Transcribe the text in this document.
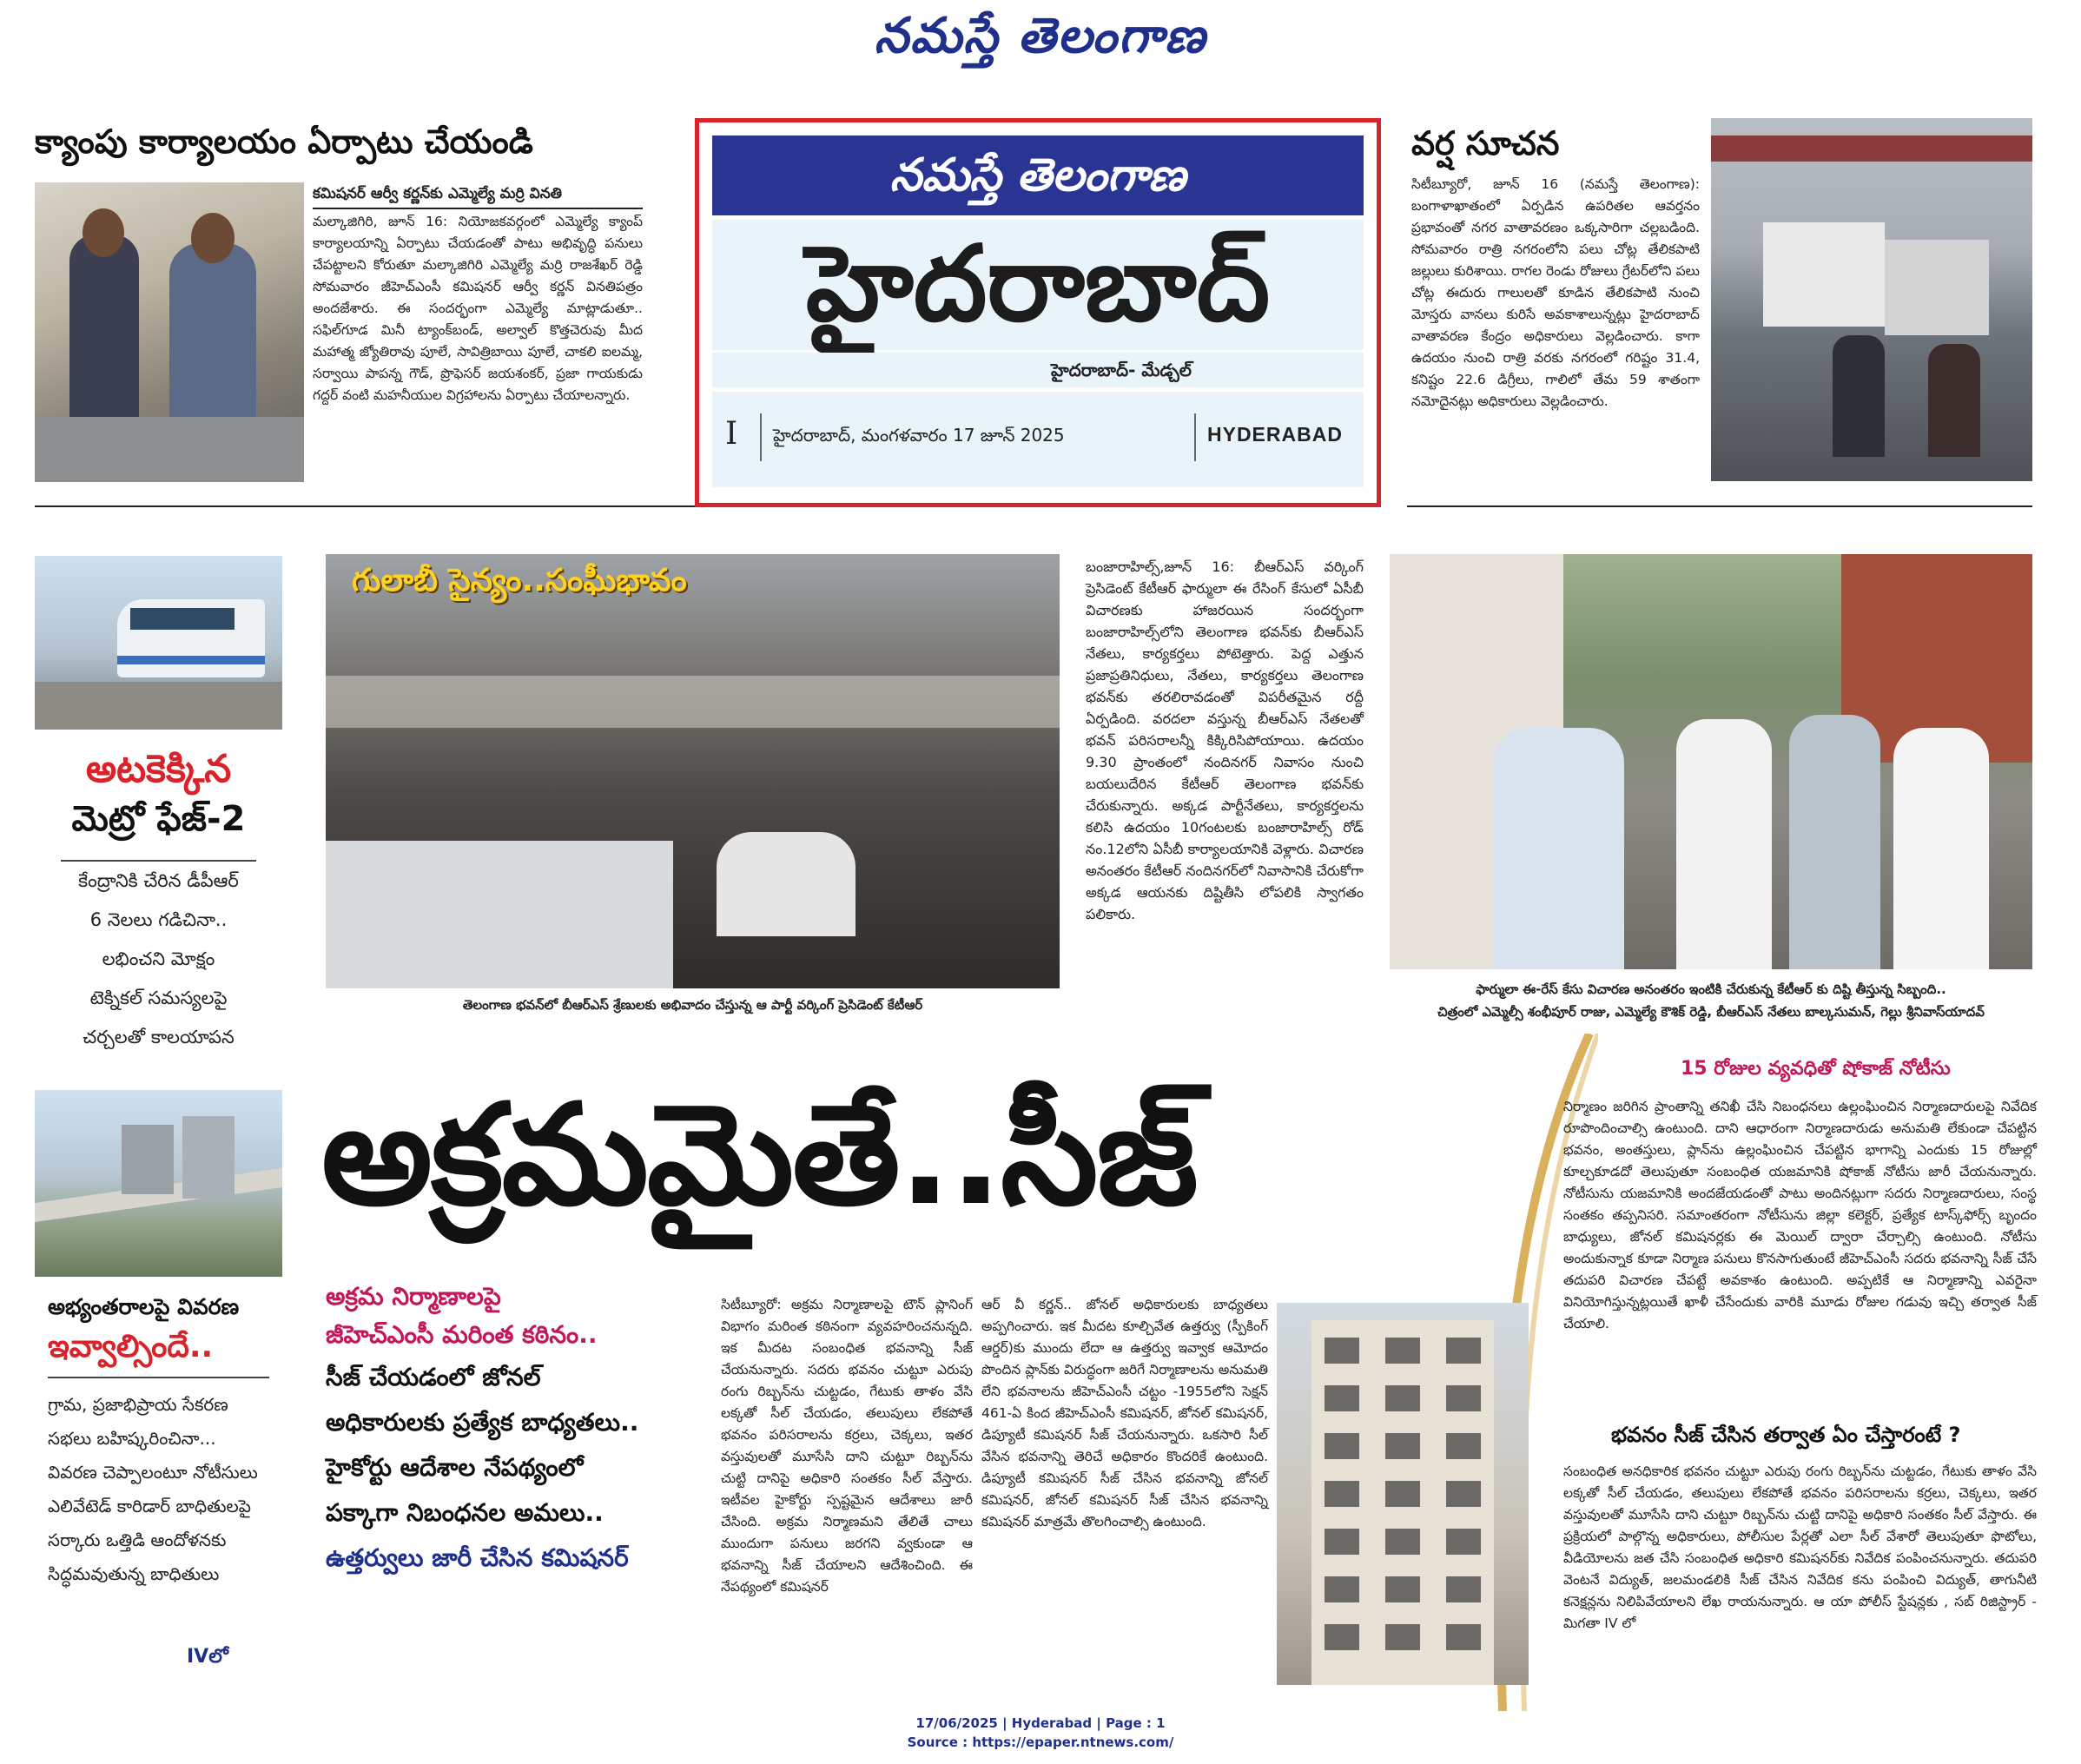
నమస్తే తెలంగాణ
క్యాంపు కార్యాలయం ఏర్పాటు చేయండి
కమిషనర్ ఆర్వీ కర్ణన్‌కు ఎమ్మెల్యే మర్రి వినతి
మల్కాజిగిరి, జూన్ 16: నియోజకవర్గంలో ఎమ్మెల్యే క్యాంప్ కార్యాలయాన్ని ఏర్పాటు చేయడంతో పాటు అభివృద్ధి పనులు చేపట్టాలని కోరుతూ మల్కాజిగిరి ఎమ్మెల్యే మర్రి రాజశేఖర్ రెడ్డి సోమవారం జీహెచ్‌ఎంసీ కమిషనర్ ఆర్వీ కర్ణన్ వినతిపత్రం అందజేశారు. ఈ సందర్భంగా ఎమ్మెల్యే మాట్లాడుతూ.. సఫిల్‌గూడ మినీ ట్యాంక్‌బండ్, అల్వాల్ కొత్తచెరువు మీద మహాత్మ జ్యోతిరావు పూలే, సావిత్రిబాయి పూలే, చాకలి ఐలమ్మ, సర్వాయి పాపన్న గౌడ్, ప్రొఫెసర్ జయశంకర్, ప్రజా గాయకుడు గద్దర్ వంటి మహనీయుల విగ్రహాలను ఏర్పాటు చేయాలన్నారు.
నమస్తే తెలంగాణ
హైదరాబాద్
హైదరాబాద్- మేడ్చల్
I హైదరాబాద్, మంగళవారం 17 జూన్ 2025	HYDERABAD
వర్ష సూచన
సిటీబ్యూరో, జూన్ 16 (నమస్తే తెలంగాణ): బంగాళాఖాతంలో ఏర్పడిన ఉపరితల ఆవర్తనం ప్రభావంతో నగర వాతావరణం ఒక్కసారిగా చల్లబడింది. సోమవారం రాత్రి నగరంలోని పలు చోట్ల తేలికపాటి జల్లులు కురిశాయి. రాగల రెండు రోజులు గ్రేటర్‌లోని పలు చోట్ల ఈదురు గాలులతో కూడిన తేలికపాటి నుంచి మోస్తరు వానలు కురిసే అవకాశాలున్నట్లు హైదరాబాద్ వాతావరణ కేంద్రం అధికారులు వెల్లడించారు. కాగా ఉదయం నుంచి రాత్రి వరకు నగరంలో గరిష్టం 31.4, కనిష్టం 22.6 డిగ్రీలు, గాలిలో తేమ 59 శాతంగా నమోదైనట్లు అధికారులు వెల్లడించారు.
అటకెక్కిన
మెట్రో ఫేజ్-2
కేంద్రానికి చేరిన డీపీఆర్
6 నెలలు గడిచినా..
లభించని మోక్షం
టెక్నికల్ సమస్యలపై
చర్చలతో కాలయాపన
గులాబీ సైన్యం..సంఘీభావం
తెలంగాణ భవన్‌లో బీఆర్‌ఎస్ శ్రేణులకు అభివాదం చేస్తున్న ఆ పార్టీ వర్కింగ్ ప్రెసిడెంట్ కేటీఆర్
బంజారాహిల్స్,జూన్ 16: బీఆర్‌ఎస్ వర్కింగ్ ప్రెసిడెంట్ కేటీఆర్ ఫార్ములా ఈ రేసింగ్ కేసులో ఏసీబీ విచారణకు హాజరయిన సందర్భంగా బంజారాహిల్స్‌లోని తెలంగాణ భవన్‌కు బీఆర్‌ఎస్ నేతలు, కార్యకర్తలు పోటెత్తారు. పెద్ద ఎత్తున ప్రజాప్రతినిధులు, నేతలు, కార్యకర్తలు తెలంగాణ భవన్‌కు తరలిరావడంతో విపరీతమైన రద్దీ ఏర్పడింది. వరదలా వస్తున్న బీఆర్‌ఎస్ నేతలతో భవన్ పరిసరాలన్నీ కిక్కిరిసిపోయాయి. ఉదయం 9.30 ప్రాంతంలో నందినగర్ నివాసం నుంచి బయలుదేరిన కేటీఆర్ తెలంగాణ భవన్‌కు చేరుకున్నారు. అక్కడ పార్టీనేతలు, కార్యకర్తలను కలిసి ఉదయం 10గంటలకు బంజారాహిల్స్ రోడ్ నం.12లోని ఏసీబీ కార్యాలయానికి వెళ్లారు. విచారణ అనంతరం కేటీఆర్ నందినగర్‌లో నివాసానికి చేరుకోగా అక్కడ ఆయనకు దిష్టితీసి లోపలికి స్వాగతం పలికారు.
ఫార్ములా ఈ-రేస్ కేసు విచారణ అనంతరం ఇంటికి చేరుకున్న కేటీఆర్ కు దిష్టి తీస్తున్న సిబ్బంది..
చిత్రంలో ఎమ్మెల్సీ శంభీపూర్ రాజు, ఎమ్మెల్యే కౌశిక్ రెడ్డి, బీఆర్‌ఎస్ నేతలు బాల్కసుమన్, గెల్లు శ్రీనివాస్‌యాదవ్
అభ్యంతరాలపై వివరణ
ఇవ్వాల్సిందే..
గ్రామ, ప్రజాభిప్రాయ సేకరణ సభలు బహిష్కరించినా... వివరణ చెప్పాలంటూ నోటీసులు ఎలివేటెడ్ కారిడార్ బాధితులపై సర్కారు ఒత్తిడి ఆందోళనకు సిద్ధమవుతున్న బాధితులు
IVలో
అక్రమమైతే..సీజ్
అక్రమ నిర్మాణాలపై
జీహెచ్‌ఎంసీ మరింత కఠినం..
సీజ్ చేయడంలో జోనల్
అధికారులకు ప్రత్యేక బాధ్యతలు..
హైకోర్టు ఆదేశాల నేపథ్యంలో
పక్కాగా నిబంధనల అమలు..
ఉత్తర్వులు జారీ చేసిన కమిషనర్
సిటీబ్యూరో: అక్రమ నిర్మాణాలపై టౌన్ ప్లానింగ్ విభాగం మరింత కఠినంగా వ్యవహరించనున్నది. ఇక మీదట సంబంధిత భవనాన్ని సీజ్ చేయనున్నారు. సదరు భవనం చుట్టూ ఎరుపు రంగు రిబ్బన్‌ను చుట్టడం, గేటుకు తాళం వేసి లక్కతో సీల్ చేయడం, తలుపులు లేకపోతే భవనం పరిసరాలను కర్రలు, చెక్కలు, ఇతర వస్తువులతో మూసేసి దాని చుట్టూ రిబ్బన్‌ను చుట్టి దానిపై అధికారి సంతకం సీల్ వేస్తారు. ఇటీవల హైకోర్టు స్పష్టమైన ఆదేశాలు జారీ చేసింది. అక్రమ నిర్మాణమని తేలితే చాలు ముందుగా పనులు జరగని వ్వకుండా ఆ భవనాన్ని సీజ్ చేయాలని ఆదేశించింది. ఈ నేపథ్యంలో కమిషనర్
ఆర్ వీ కర్ణన్.. జోనల్ అధికారులకు బాధ్యతలు అప్పగించారు. ఇక మీదట కూల్చివేత ఉత్తర్వు (స్పీకింగ్ ఆర్డర్)కు ముందు లేదా ఆ ఉత్తర్వు ఇవ్వాక ఆమోదం పొందిన ప్లాన్‌కు విరుద్ధంగా జరిగే నిర్మాణాలను అనుమతి లేని భవనాలను జీహెచ్‌ఎంసీ చట్టం -1955లోని సెక్షన్ 461-ఏ కింద జీహెచ్‌ఎంసీ కమిషనర్, జోనల్ కమిషనర్, డిప్యూటీ కమిషనర్ సీజ్ చేయనున్నారు. ఒకసారి సీల్ వేసిన భవనాన్ని తెరిచే అధికారం కొందరికే ఉంటుంది. డిప్యూటీ కమిషనర్ సీజ్ చేసిన భవనాన్ని జోనల్ కమిషనర్, జోనల్ కమిషనర్ సీజ్ చేసిన భవనాన్ని కమిషనర్ మాత్రమే తొలగించాల్సి ఉంటుంది.
15 రోజుల వ్యవధితో షోకాజ్ నోటీసు
నిర్మాణం జరిగిన ప్రాంతాన్ని తనిఖీ చేసి నిబంధనలు ఉల్లంఘించిన నిర్మాణదారులపై నివేదిక రూపొందించాల్సి ఉంటుంది. దాని ఆధారంగా నిర్మాణదారుడు అనుమతి లేకుండా చేపట్టిన భవనం, అంతస్తులు, ప్లాన్‌ను ఉల్లంఘించిన చేపట్టిన భాగాన్ని ఎందుకు 15 రోజుల్లో కూల్చకూడదో తెలుపుతూ సంబంధిత యజమానికి షోకాజ్ నోటీసు జారీ చేయనున్నారు. నోటీసును యజమానికి అందజేయడంతో పాటు అందినట్లుగా సదరు నిర్మాణదారులు, సంస్థ సంతకం తప్పనిసరి. సమాంతరంగా నోటీసును జిల్లా కలెక్టర్, ప్రత్యేక టాస్క్‌ఫోర్స్ బృందం బాధ్యులు, జోనల్ కమిషనర్లకు ఈ మెయిల్ ద్వారా చేర్చాల్సి ఉంటుంది. నోటీసు అందుకున్నాక కూడా నిర్మాణ పనులు కొనసాగుతుంటే జీహెచ్‌ఎంసీ సదరు భవనాన్ని సీజ్ చేసే తదుపరి విచారణ చేపట్టే అవకాశం ఉంటుంది. అప్పటికే ఆ నిర్మాణాన్ని ఎవరైనా వినియోగిస్తున్నట్లయితే ఖాళీ చేసేందుకు వారికి మూడు రోజుల గడువు ఇచ్చి తర్వాత సీజ్ చేయాలి.
భవనం సీజ్ చేసిన తర్వాత ఏం చేస్తారంటే ?
సంబంధిత అనధికారిక భవనం చుట్టూ ఎరుపు రంగు రిబ్బన్‌ను చుట్టడం, గేటుకు తాళం వేసి లక్కతో సీల్ చేయడం, తలుపులు లేకపోతే భవనం పరిసరాలను కర్రలు, చెక్కలు, ఇతర వస్తువులతో మూసేసి దాని చుట్టూ రిబ్బన్‌ను చుట్టి దానిపై అధికారి సంతకం సీల్ వేస్తారు. ఈ ప్రక్రియలో పాల్గొన్న అధికారులు, పోలీసుల పేర్లతో ఎలా సీల్ వేశారో తెలుపుతూ ఫొటోలు, వీడియోలను జత చేసి సంబంధిత అధికారి కమిషనర్‌కు నివేదిక పంపించనున్నారు. తదుపరి వెంటనే విద్యుత్, జలమండలికి సీజ్ చేసిన నివేదిక కను పంపించి విద్యుత్, తాగునీటి కనెక్షన్లను నిలిపివేయాలని లేఖ రాయనున్నారు. ఆ యా పోలీస్ స్టేషన్లకు , సబ్ రిజిస్ట్రార్ - మిగతా IV లో
17/06/2025 | Hyderabad | Page : 1
Source : https://epaper.ntnews.com/
